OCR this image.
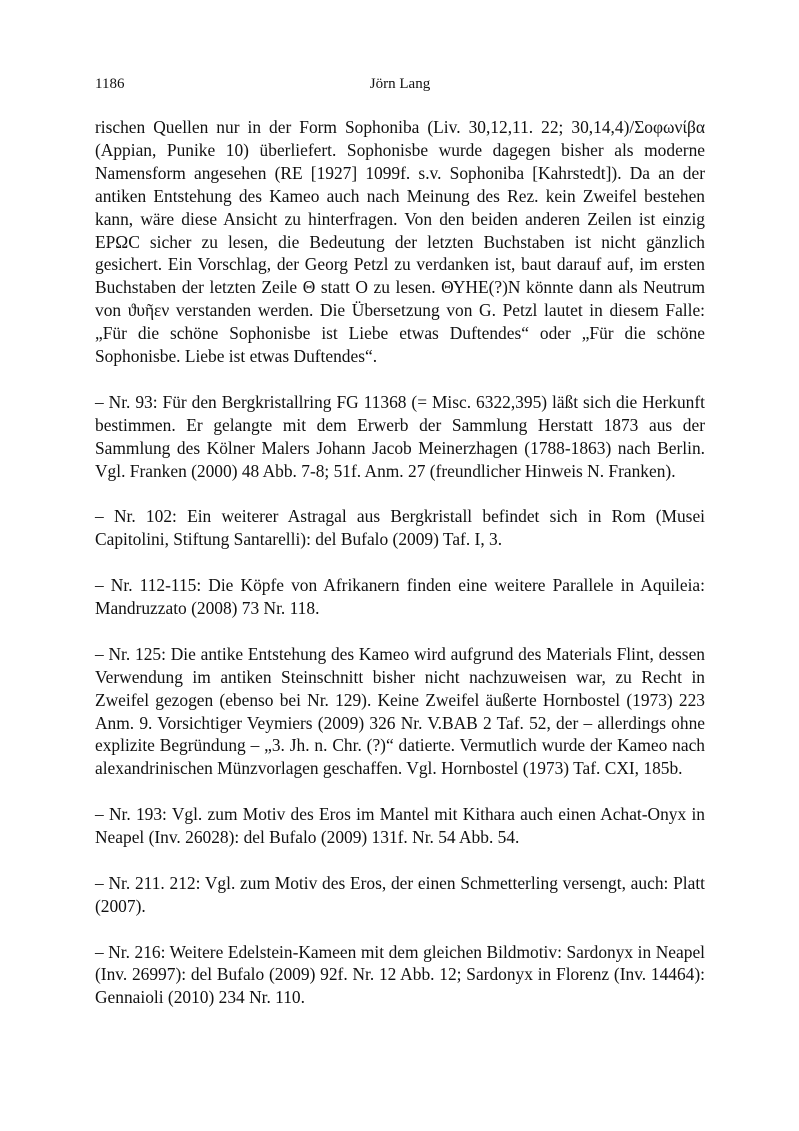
1186	Jörn Lang

rischen Quellen nur in der Form Sophoniba (Liv. 30,12,11. 22; 30,14,4)/Σοφωνίβα (Appian, Punike 10) überliefert. Sophonisbe wurde dagegen bisher als moderne Namensform angesehen (RE [1927] 1099f. s.v. Sophoniba [Kahrstedt]). Da an der antiken Entstehung des Kameo auch nach Meinung des Rez. kein Zweifel bestehen kann, wäre diese Ansicht zu hinterfragen. Von den beiden anderen Zeilen ist einzig ΕΡΩϹ sicher zu lesen, die Bedeutung der letzten Buchstaben ist nicht gänzlich gesichert. Ein Vorschlag, der Georg Petzl zu verdanken ist, baut darauf auf, im ersten Buchstaben der letzten Zeile Θ statt O zu lesen. ΘΥΗΕ(?)Ν könnte dann als Neutrum von ϑυῆεν verstanden werden. Die Übersetzung von G. Petzl lautet in diesem Falle: „Für die schöne Sophonisbe ist Liebe etwas Duftendes“ oder „Für die schöne Sophonisbe. Liebe ist etwas Duftendes“.

– Nr. 93: Für den Bergkristallring FG 11368 (= Misc. 6322,395) läßt sich die Herkunft bestimmen. Er gelangte mit dem Erwerb der Sammlung Herstatt 1873 aus der Sammlung des Kölner Malers Johann Jacob Meinerzhagen (1788-1863) nach Berlin. Vgl. Franken (2000) 48 Abb. 7-8; 51f. Anm. 27 (freundlicher Hinweis N. Franken).

– Nr. 102: Ein weiterer Astragal aus Bergkristall befindet sich in Rom (Musei Capitolini, Stiftung Santarelli): del Bufalo (2009) Taf. I, 3.

– Nr. 112-115: Die Köpfe von Afrikanern finden eine weitere Parallele in Aquileia: Mandruzzato (2008) 73 Nr. 118.

– Nr. 125: Die antike Entstehung des Kameo wird aufgrund des Materials Flint, dessen Verwendung im antiken Steinschnitt bisher nicht nachzuweisen war, zu Recht in Zweifel gezogen (ebenso bei Nr. 129). Keine Zweifel äußerte Hornbostel (1973) 223 Anm. 9. Vorsichtiger Veymiers (2009) 326 Nr. V.BAB 2 Taf. 52, der – allerdings ohne explizite Begründung – „3. Jh. n. Chr. (?)“ datierte. Vermutlich wurde der Kameo nach alexandrinischen Münzvorlagen geschaffen. Vgl. Hornbostel (1973) Taf. CXI, 185b.

– Nr. 193: Vgl. zum Motiv des Eros im Mantel mit Kithara auch einen Achat-Onyx in Neapel (Inv. 26028): del Bufalo (2009) 131f. Nr. 54 Abb. 54.

– Nr. 211. 212: Vgl. zum Motiv des Eros, der einen Schmetterling versengt, auch: Platt (2007).

– Nr. 216: Weitere Edelstein-Kameen mit dem gleichen Bildmotiv: Sardonyx in Neapel (Inv. 26997): del Bufalo (2009) 92f. Nr. 12 Abb. 12; Sardonyx in Florenz (Inv. 14464): Gennaioli (2010) 234 Nr. 110.
